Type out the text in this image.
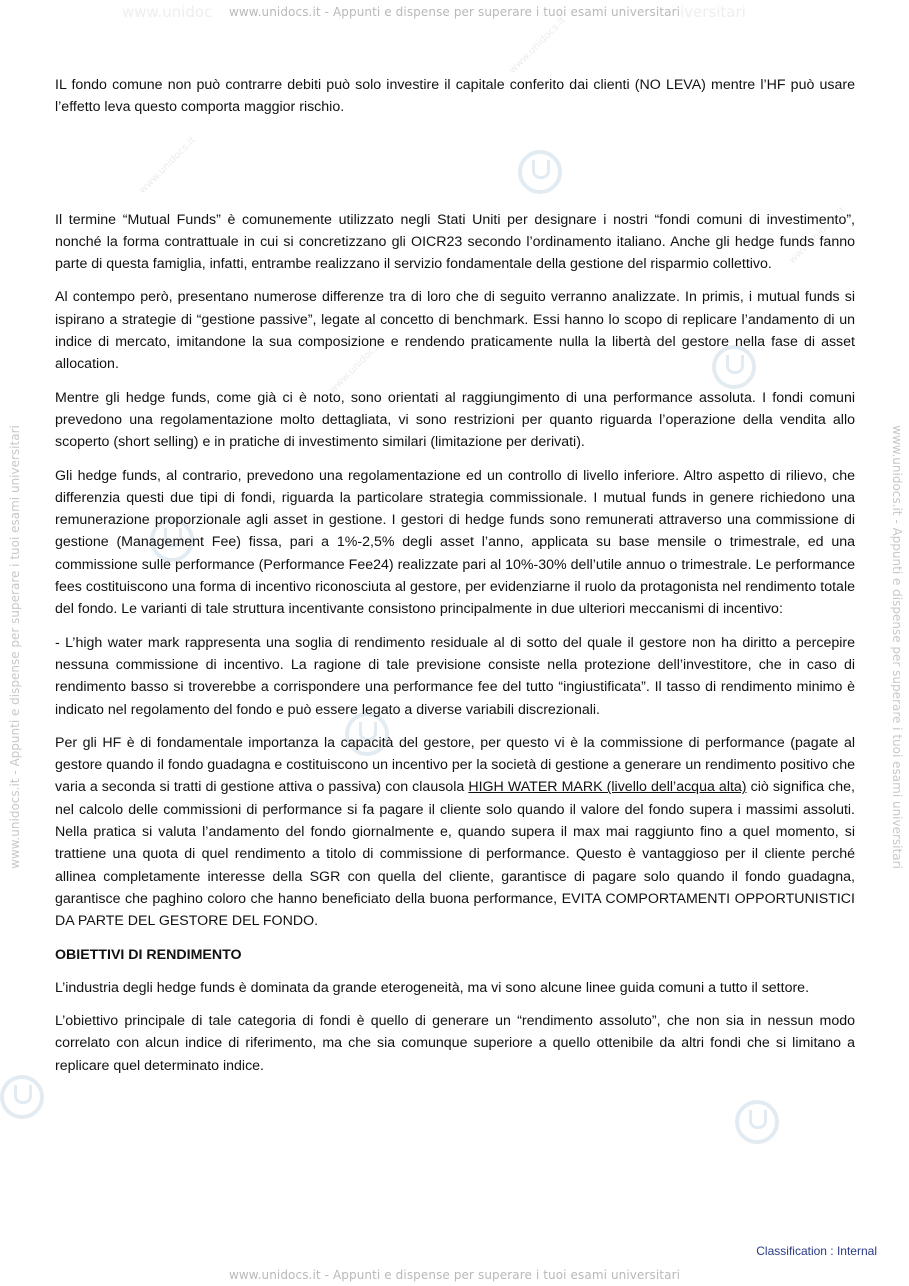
www.unidoc	iversitari
www.unidocs.it - Appunti e dispense per superare i tuoi esami universitari
www.unidocs.it - Appunti e dispense per superare i tuoi esami universitari
www.unidocs.it - Appunti e dispense per superare i tuoi esami universitari	www.unidocs.it - Appunti e dispense per superare i tuoi esami universitari
www.unidocs.it
www.unidocs.it
www.unidocs.it
www.unidocs.it

IL fondo comune non può contrarre debiti può solo investire il capitale conferito dai clienti (NO LEVA) mentre l’HF può usare l’effetto leva questo comporta maggior rischio.

Il termine “Mutual Funds” è comunemente utilizzato negli Stati Uniti per designare i nostri “fondi comuni di investimento”, nonché la forma contrattuale in cui si concretizzano gli OICR23 secondo l’ordinamento italiano. Anche gli hedge funds fanno parte di questa famiglia, infatti, entrambe realizzano il servizio fondamentale della gestione del risparmio collettivo.

Al contempo però, presentano numerose differenze tra di loro che di seguito verranno analizzate. In primis, i mutual funds si ispirano a strategie di “gestione passive”, legate al concetto di benchmark. Essi hanno lo scopo di replicare l’andamento di un indice di mercato, imitandone la sua composizione e rendendo praticamente nulla la libertà del gestore nella fase di asset allocation.

Mentre gli hedge funds, come già ci è noto, sono orientati al raggiungimento di una performance assoluta. I fondi comuni prevedono una regolamentazione molto dettagliata, vi sono restrizioni per quanto riguarda l’operazione della vendita allo scoperto (short selling) e in pratiche di investimento similari (limitazione per derivati).

Gli hedge funds, al contrario, prevedono una regolamentazione ed un controllo di livello inferiore. Altro aspetto di rilievo, che differenzia questi due tipi di fondi, riguarda la particolare strategia commissionale. I mutual funds in genere richiedono una remunerazione proporzionale agli asset in gestione. I gestori di hedge funds sono remunerati attraverso una commissione di gestione (Management Fee) fissa, pari a 1%-2,5% degli asset l’anno, applicata su base mensile o trimestrale, ed una commissione sulle performance (Performance Fee24) realizzate pari al 10%-30% dell’utile annuo o trimestrale. Le performance fees costituiscono una forma di incentivo riconosciuta al gestore, per evidenziarne il ruolo da protagonista nel rendimento totale del fondo. Le varianti di tale struttura incentivante consistono principalmente in due ulteriori meccanismi di incentivo:

- L’high water mark rappresenta una soglia di rendimento residuale al di sotto del quale il gestore non ha diritto a percepire nessuna commissione di incentivo. La ragione di tale previsione consiste nella protezione dell’investitore, che in caso di rendimento basso si troverebbe a corrispondere una performance fee del tutto “ingiustificata”. Il tasso di rendimento minimo è indicato nel regolamento del fondo e può essere legato a diverse variabili discrezionali.

Per gli HF è di fondamentale importanza la capacità del gestore, per questo vi è la commissione di performance (pagate al gestore quando il fondo guadagna e costituiscono un incentivo per la società di gestione a generare un rendimento positivo che varia a seconda si tratti di gestione attiva o passiva) con clausola HIGH WATER MARK (livello dell’acqua alta) ciò significa che, nel calcolo delle commissioni di performance si fa pagare il cliente solo quando il valore del fondo supera i massimi assoluti. Nella pratica si valuta l’andamento del fondo giornalmente e, quando supera il max mai raggiunto fino a quel momento, si trattiene una quota di quel rendimento a titolo di commissione di performance. Questo è vantaggioso per il cliente perché allinea completamente interesse della SGR con quella del cliente, garantisce di pagare solo quando il fondo guadagna, garantisce che paghino coloro che hanno beneficiato della buona performance, EVITA COMPORTAMENTI OPPORTUNISTICI DA PARTE DEL GESTORE DEL FONDO.

OBIETTIVI DI RENDIMENTO

L’industria degli hedge funds è dominata da grande eterogeneità, ma vi sono alcune linee guida comuni a tutto il settore.

L’obiettivo principale di tale categoria di fondi è quello di generare un “rendimento assoluto”, che non sia in nessun modo correlato con alcun indice di riferimento, ma che sia comunque superiore a quello ottenibile da altri fondi che si limitano a replicare quel determinato indice.

Classification : Internal
